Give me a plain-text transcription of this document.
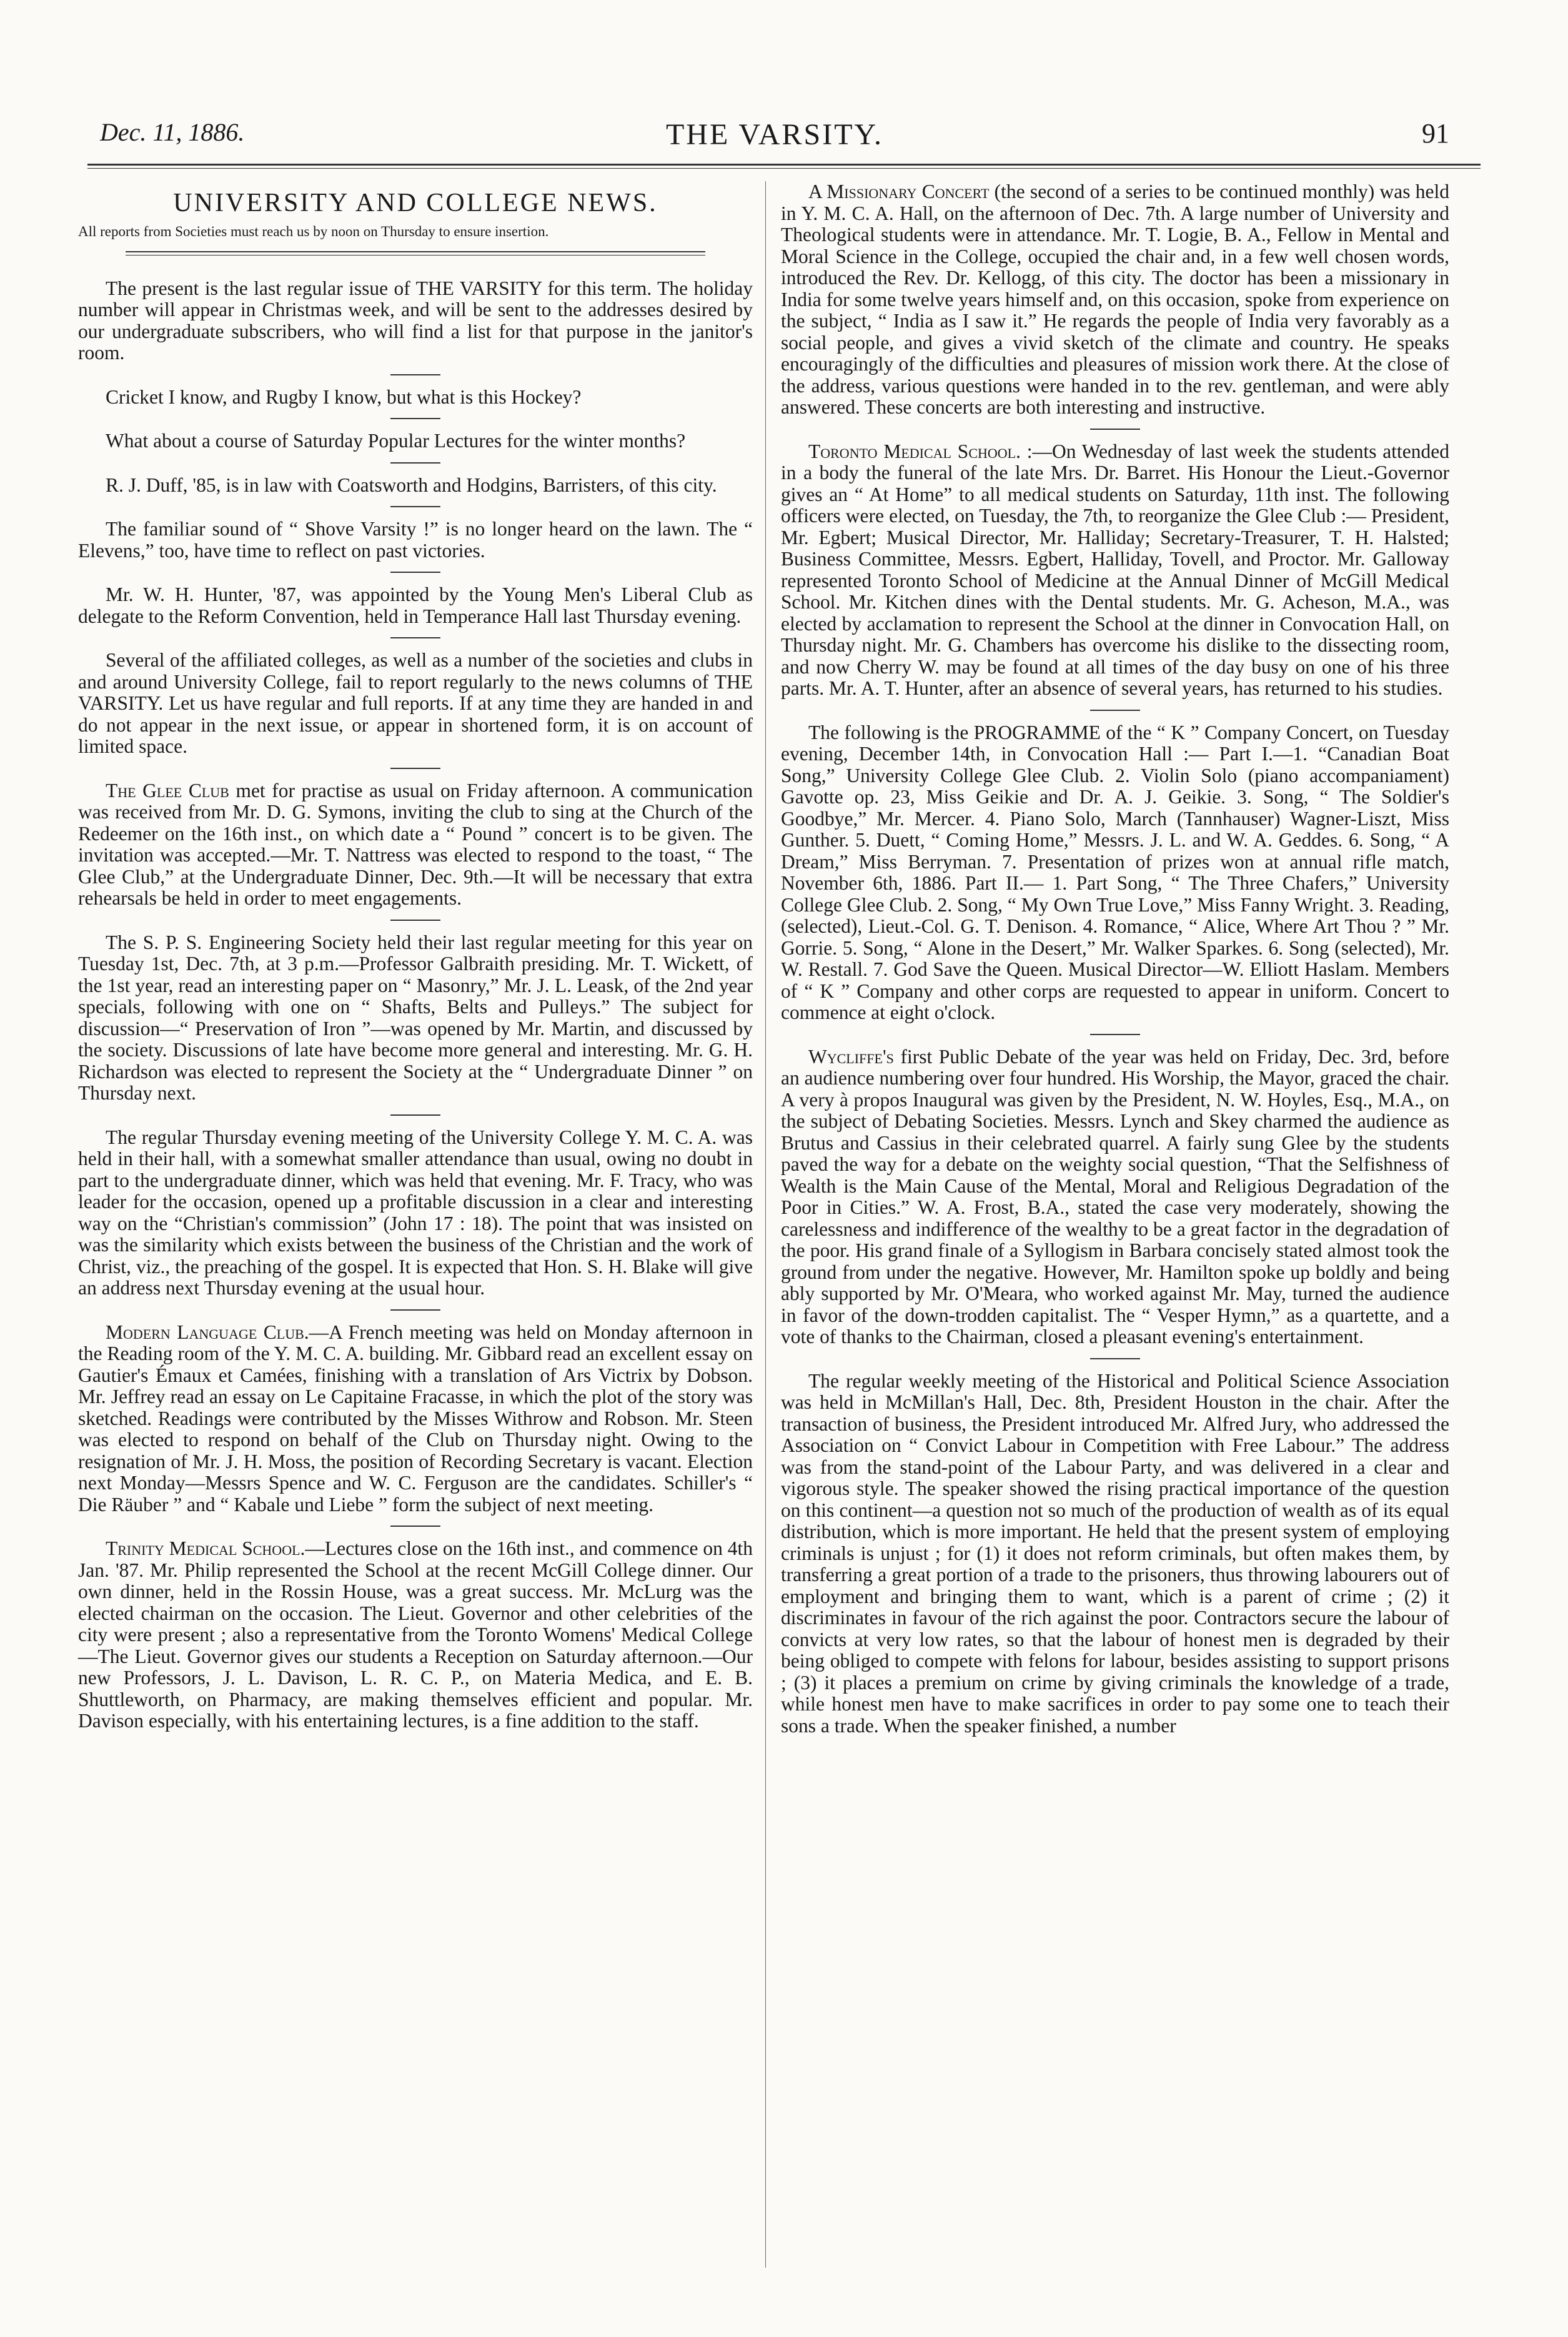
Dec. 11, 1886.	THE VARSITY.	91
UNIVERSITY AND COLLEGE NEWS.
All reports from Societies must reach us by noon on Thursday to ensure insertion.

The present is the last regular issue of THE VARSITY for this term. The holiday number will appear in Christmas week, and will be sent to the addresses desired by our undergraduate subscribers, who will find a list for that purpose in the janitor's room.

Cricket I know, and Rugby I know, but what is this Hockey?

What about a course of Saturday Popular Lectures for the winter months?

R. J. Duff, '85, is in law with Coatsworth and Hodgins, Barristers, of this city.

The familiar sound of “ Shove Varsity !” is no longer heard on the lawn. The “ Elevens,” too, have time to reflect on past victories.

Mr. W. H. Hunter, '87, was appointed by the Young Men's Liberal Club as delegate to the Reform Convention, held in Temperance Hall last Thursday evening.

Several of the affiliated colleges, as well as a number of the societies and clubs in and around University College, fail to report regularly to the news columns of THE VARSITY. Let us have regular and full reports. If at any time they are handed in and do not appear in the next issue, or appear in shortened form, it is on account of limited space.

The Glee Club met for practise as usual on Friday afternoon. A communication was received from Mr. D. G. Symons, inviting the club to sing at the Church of the Redeemer on the 16th inst., on which date a “ Pound ” concert is to be given. The invitation was accepted.—Mr. T. Nattress was elected to respond to the toast, “ The Glee Club,” at the Undergraduate Dinner, Dec. 9th.—It will be necessary that extra rehearsals be held in order to meet engagements.

The S. P. S. Engineering Society held their last regular meeting for this year on Tuesday 1st, Dec. 7th, at 3 p.m.—Professor Galbraith presiding. Mr. T. Wickett, of the 1st year, read an interesting paper on “ Masonry,” Mr. J. L. Leask, of the 2nd year specials, following with one on “ Shafts, Belts and Pulleys.” The subject for discussion—“ Preservation of Iron ”—was opened by Mr. Martin, and discussed by the society. Discussions of late have become more general and interesting. Mr. G. H. Richardson was elected to represent the Society at the “ Undergraduate Dinner ” on Thursday next.

The regular Thursday evening meeting of the University College Y. M. C. A. was held in their hall, with a somewhat smaller attendance than usual, owing no doubt in part to the undergraduate dinner, which was held that evening. Mr. F. Tracy, who was leader for the occasion, opened up a profitable discussion in a clear and interesting way on the “Christian's commission” (John 17 : 18). The point that was insisted on was the similarity which exists between the business of the Christian and the work of Christ, viz., the preaching of the gospel. It is expected that Hon. S. H. Blake will give an address next Thursday evening at the usual hour.

Modern Language Club.—A French meeting was held on Monday afternoon in the Reading room of the Y. M. C. A. building. Mr. Gibbard read an excellent essay on Gautier's Émaux et Camées, finishing with a translation of Ars Victrix by Dobson. Mr. Jeffrey read an essay on Le Capitaine Fracasse, in which the plot of the story was sketched. Readings were contributed by the Misses Withrow and Robson. Mr. Steen was elected to respond on behalf of the Club on Thursday night. Owing to the resignation of Mr. J. H. Moss, the position of Recording Secretary is vacant. Election next Monday—Messrs Spence and W. C. Ferguson are the candidates. Schiller's “ Die Räuber ” and “ Kabale und Liebe ” form the subject of next meeting.

Trinity Medical School.—Lectures close on the 16th inst., and commence on 4th Jan. '87. Mr. Philip represented the School at the recent McGill College dinner. Our own dinner, held in the Rossin House, was a great success. Mr. McLurg was the elected chairman on the occasion. The Lieut. Governor and other celebrities of the city were present ; also a representative from the Toronto Womens' Medical College—The Lieut. Governor gives our students a Reception on Saturday afternoon.—Our new Professors, J. L. Davison, L. R. C. P., on Materia Medica, and E. B. Shuttleworth, on Pharmacy, are making themselves efficient and popular. Mr. Davison especially, with his entertaining lectures, is a fine addition to the staff.

A Missionary Concert (the second of a series to be continued monthly) was held in Y. M. C. A. Hall, on the afternoon of Dec. 7th. A large number of University and Theological students were in attendance. Mr. T. Logie, B. A., Fellow in Mental and Moral Science in the College, occupied the chair and, in a few well chosen words, introduced the Rev. Dr. Kellogg, of this city. The doctor has been a missionary in India for some twelve years himself and, on this occasion, spoke from experience on the subject, “ India as I saw it.” He regards the people of India very favorably as a social people, and gives a vivid sketch of the climate and country. He speaks encouragingly of the difficulties and pleasures of mission work there. At the close of the address, various questions were handed in to the rev. gentleman, and were ably answered. These concerts are both interesting and instructive.

Toronto Medical School. :—On Wednesday of last week the students attended in a body the funeral of the late Mrs. Dr. Barret. His Honour the Lieut.-Governor gives an “ At Home” to all medical students on Saturday, 11th inst. The following officers were elected, on Tuesday, the 7th, to reorganize the Glee Club :— President, Mr. Egbert; Musical Director, Mr. Halliday; Secretary-Treasurer, T. H. Halsted; Business Committee, Messrs. Egbert, Halliday, Tovell, and Proctor. Mr. Galloway represented Toronto School of Medicine at the Annual Dinner of McGill Medical School. Mr. Kitchen dines with the Dental students. Mr. G. Acheson, M.A., was elected by acclamation to represent the School at the dinner in Convocation Hall, on Thursday night. Mr. G. Chambers has overcome his dislike to the dissecting room, and now Cherry W. may be found at all times of the day busy on one of his three parts. Mr. A. T. Hunter, after an absence of several years, has returned to his studies.

The following is the PROGRAMME of the “ K ” Company Concert, on Tuesday evening, December 14th, in Convocation Hall :— Part I.—1. “Canadian Boat Song,” University College Glee Club. 2. Violin Solo (piano accompaniament) Gavotte op. 23, Miss Geikie and Dr. A. J. Geikie. 3. Song, “ The Soldier's Goodbye,” Mr. Mercer. 4. Piano Solo, March (Tannhauser) Wagner-Liszt, Miss Gunther. 5. Duett, “ Coming Home,” Messrs. J. L. and W. A. Geddes. 6. Song, “ A Dream,” Miss Berryman. 7. Presentation of prizes won at annual rifle match, November 6th, 1886. Part II.— 1. Part Song, “ The Three Chafers,” University College Glee Club. 2. Song, “ My Own True Love,” Miss Fanny Wright. 3. Reading, (selected), Lieut.-Col. G. T. Denison. 4. Romance, “ Alice, Where Art Thou ? ” Mr. Gorrie. 5. Song, “ Alone in the Desert,” Mr. Walker Sparkes. 6. Song (selected), Mr. W. Restall. 7. God Save the Queen. Musical Director—W. Elliott Haslam. Members of “ K ” Company and other corps are requested to appear in uniform. Concert to commence at eight o'clock.

Wycliffe's first Public Debate of the year was held on Friday, Dec. 3rd, before an audience numbering over four hundred. His Worship, the Mayor, graced the chair. A very à propos Inaugural was given by the President, N. W. Hoyles, Esq., M.A., on the subject of Debating Societies. Messrs. Lynch and Skey charmed the audience as Brutus and Cassius in their celebrated quarrel. A fairly sung Glee by the students paved the way for a debate on the weighty social question, “That the Selfishness of Wealth is the Main Cause of the Mental, Moral and Religious Degradation of the Poor in Cities.” W. A. Frost, B.A., stated the case very moderately, showing the carelessness and indifference of the wealthy to be a great factor in the degradation of the poor. His grand finale of a Syllogism in Barbara concisely stated almost took the ground from under the negative. However, Mr. Hamilton spoke up boldly and being ably supported by Mr. O'Meara, who worked against Mr. May, turned the audience in favor of the down-trodden capitalist. The “ Vesper Hymn,” as a quartette, and a vote of thanks to the Chairman, closed a pleasant evening's entertainment.

The regular weekly meeting of the Historical and Political Science Association was held in McMillan's Hall, Dec. 8th, President Houston in the chair. After the transaction of business, the President introduced Mr. Alfred Jury, who addressed the Association on “ Convict Labour in Competition with Free Labour.” The address was from the stand-point of the Labour Party, and was delivered in a clear and vigorous style. The speaker showed the rising practical importance of the question on this continent—a question not so much of the production of wealth as of its equal distribution, which is more important. He held that the present system of employing criminals is unjust ; for (1) it does not reform criminals, but often makes them, by transferring a great portion of a trade to the prisoners, thus throwing labourers out of employment and bringing them to want, which is a parent of crime ; (2) it discriminates in favour of the rich against the poor. Contractors secure the labour of convicts at very low rates, so that the labour of honest men is degraded by their being obliged to compete with felons for labour, besides assisting to support prisons ; (3) it places a premium on crime by giving criminals the knowledge of a trade, while honest men have to make sacrifices in order to pay some one to teach their sons a trade. When the speaker finished, a number
